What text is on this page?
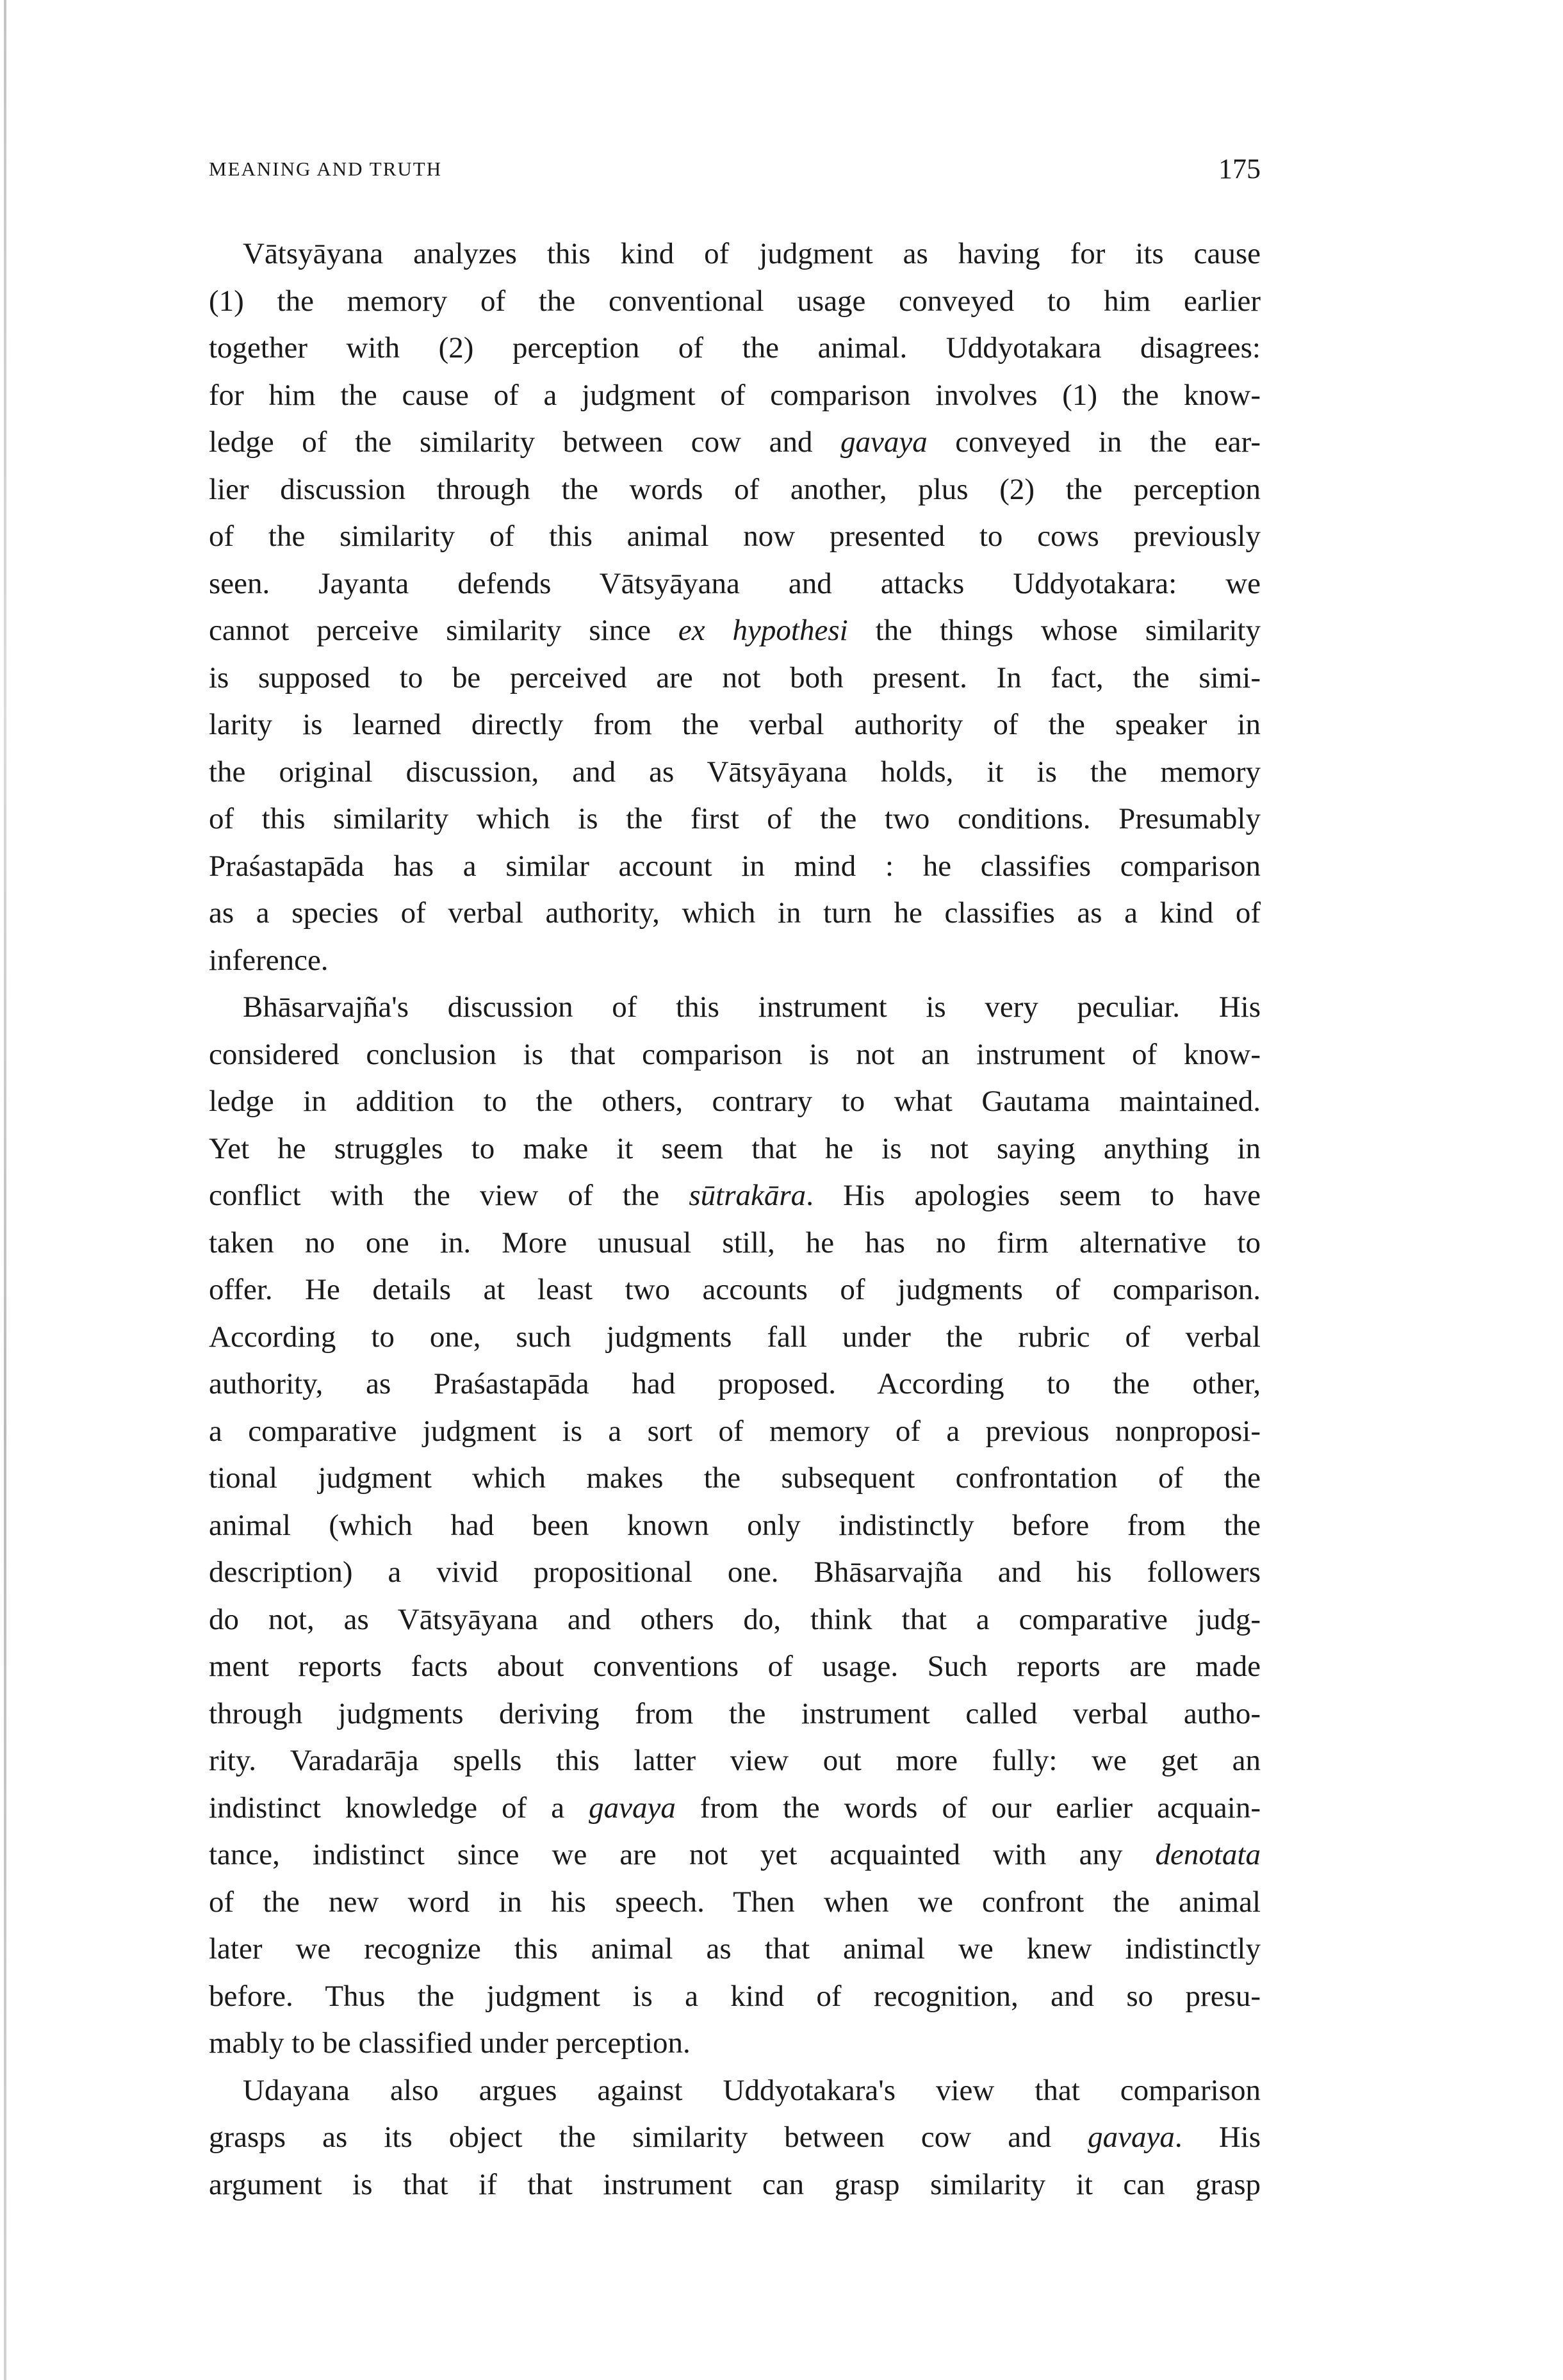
MEANING AND TRUTH	175
Vātsyāyana analyzes this kind of judgment as having for its cause
(1) the memory of the conventional usage conveyed to him earlier
together with (2) perception of the animal. Uddyotakara disagrees:
for him the cause of a judgment of comparison involves (1) the know-
ledge of the similarity between cow and gavaya conveyed in the ear-
lier discussion through the words of another, plus (2) the perception
of the similarity of this animal now presented to cows previously
seen. Jayanta defends Vātsyāyana and attacks Uddyotakara: we
cannot perceive similarity since ex hypothesi the things whose similarity
is supposed to be perceived are not both present. In fact, the simi-
larity is learned directly from the verbal authority of the speaker in
the original discussion, and as Vātsyāyana holds, it is the memory
of this similarity which is the first of the two conditions. Presumably
Praśastapāda has a similar account in mind : he classifies comparison
as a species of verbal authority, which in turn he classifies as a kind of
inference.
Bhāsarvajña's discussion of this instrument is very peculiar. His
considered conclusion is that comparison is not an instrument of know-
ledge in addition to the others, contrary to what Gautama maintained.
Yet he struggles to make it seem that he is not saying anything in
conflict with the view of the sūtrakāra. His apologies seem to have
taken no one in. More unusual still, he has no firm alternative to
offer. He details at least two accounts of judgments of comparison.
According to one, such judgments fall under the rubric of verbal
authority, as Praśastapāda had proposed. According to the other,
a comparative judgment is a sort of memory of a previous nonproposi-
tional judgment which makes the subsequent confrontation of the
animal (which had been known only indistinctly before from the
description) a vivid propositional one. Bhāsarvajña and his followers
do not, as Vātsyāyana and others do, think that a comparative judg-
ment reports facts about conventions of usage. Such reports are made
through judgments deriving from the instrument called verbal autho-
rity. Varadarāja spells this latter view out more fully: we get an
indistinct knowledge of a gavaya from the words of our earlier acquain-
tance, indistinct since we are not yet acquainted with any denotata
of the new word in his speech. Then when we confront the animal
later we recognize this animal as that animal we knew indistinctly
before. Thus the judgment is a kind of recognition, and so presu-
mably to be classified under perception.
Udayana also argues against Uddyotakara's view that comparison
grasps as its object the similarity between cow and gavaya. His
argument is that if that instrument can grasp similarity it can grasp
